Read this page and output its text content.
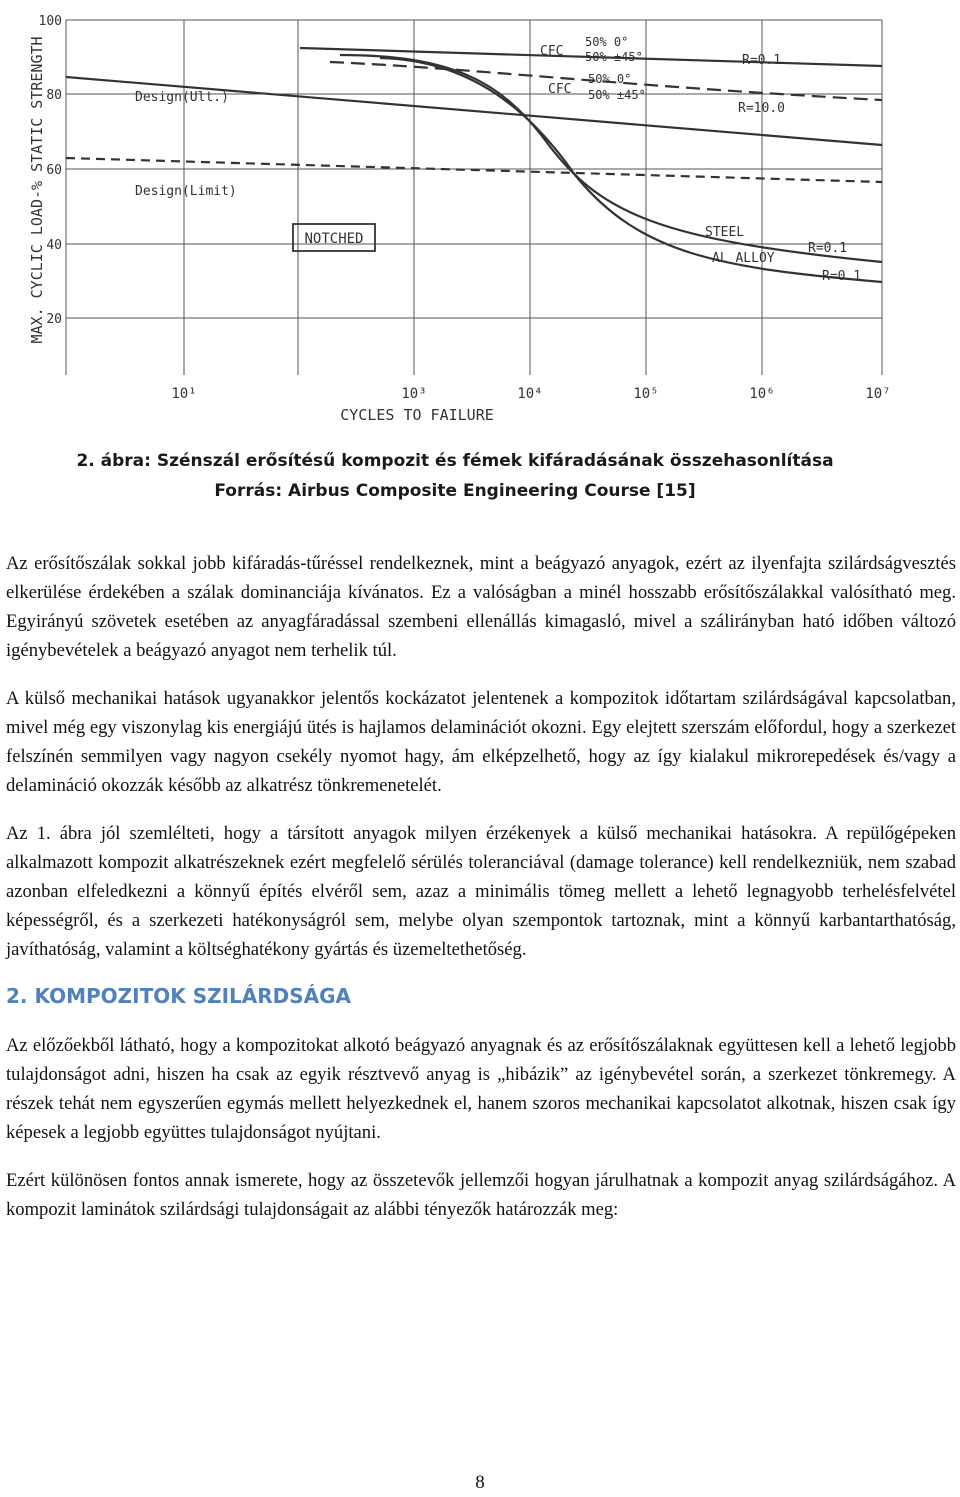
NOTCHED
MAX. CYCLIC LOAD-% STATIC STRENGTH
100
80
60
40
20
10¹	10³	10⁴	10⁵	10⁶	10⁷
CYCLES TO FAILURE
Design(Ult.)
Design(Limit)
CFC
50% 0°
50% ±45°	R=0.1
CFC
50% 0°
50% ±45°
R=10.0
STEEL
R=0.1
AL ALLOY
R=0.1
2. ábra: Szénszál erősítésű kompozit és fémek kifáradásának összehasonlítása
Forrás: Airbus Composite Engineering Course [15]

Az erősítőszálak sokkal jobb kifáradás-tűréssel rendelkeznek, mint a beágyazó anyagok, ezért az ilyenfajta szilárdságvesztés elkerülése érdekében a szálak dominanciája kívánatos. Ez a valóságban a minél hosszabb erősítőszálakkal valósítható meg. Egyirányú szövetek esetében az anyagfáradással szembeni ellenállás kimagasló, mivel a szálirányban ható időben változó igénybevételek a beágyazó anyagot nem terhelik túl.

A külső mechanikai hatások ugyanakkor jelentős kockázatot jelentenek a kompozitok időtartam szilárdságával kapcsolatban, mivel még egy viszonylag kis energiájú ütés is hajlamos delaminációt okozni. Egy elejtett szerszám előfordul, hogy a szerkezet felszínén semmilyen vagy nagyon csekély nyomot hagy, ám elképzelhető, hogy az így kialakul mikrorepedések és/vagy a delamináció okozzák később az alkatrész tönkremenetelét.

Az 1. ábra jól szemlélteti, hogy a társított anyagok milyen érzékenyek a külső mechanikai hatásokra. A repülőgépeken alkalmazott kompozit alkatrészeknek ezért megfelelő sérülés toleranciával (damage tolerance) kell rendelkezniük, nem szabad azonban elfeledkezni a könnyű építés elvéről sem, azaz a minimális tömeg mellett a lehető legnagyobb terhelésfelvétel képességről, és a szerkezeti hatékonyságról sem, melybe olyan szempontok tartoznak, mint a könnyű karbantarthatóság, javíthatóság, valamint a költséghatékony gyártás és üzemeltethetőség.

2. KOMPOZITOK SZILÁRDSÁGA

Az előzőekből látható, hogy a kompozitokat alkotó beágyazó anyagnak és az erősítőszálaknak együttesen kell a lehető legjobb tulajdonságot adni, hiszen ha csak az egyik résztvevő anyag is „hibázik” az igénybevétel során, a szerkezet tönkremegy. A részek tehát nem egyszerűen egymás mellett helyezkednek el, hanem szoros mechanikai kapcsolatot alkotnak, hiszen csak így képesek a legjobb együttes tulajdonságot nyújtani.

Ezért különösen fontos annak ismerete, hogy az összetevők jellemzői hogyan járulhatnak a kompozit anyag szilárdságához. A kompozit laminátok szilárdsági tulajdonságait az alábbi tényezők határozzák meg:

8
